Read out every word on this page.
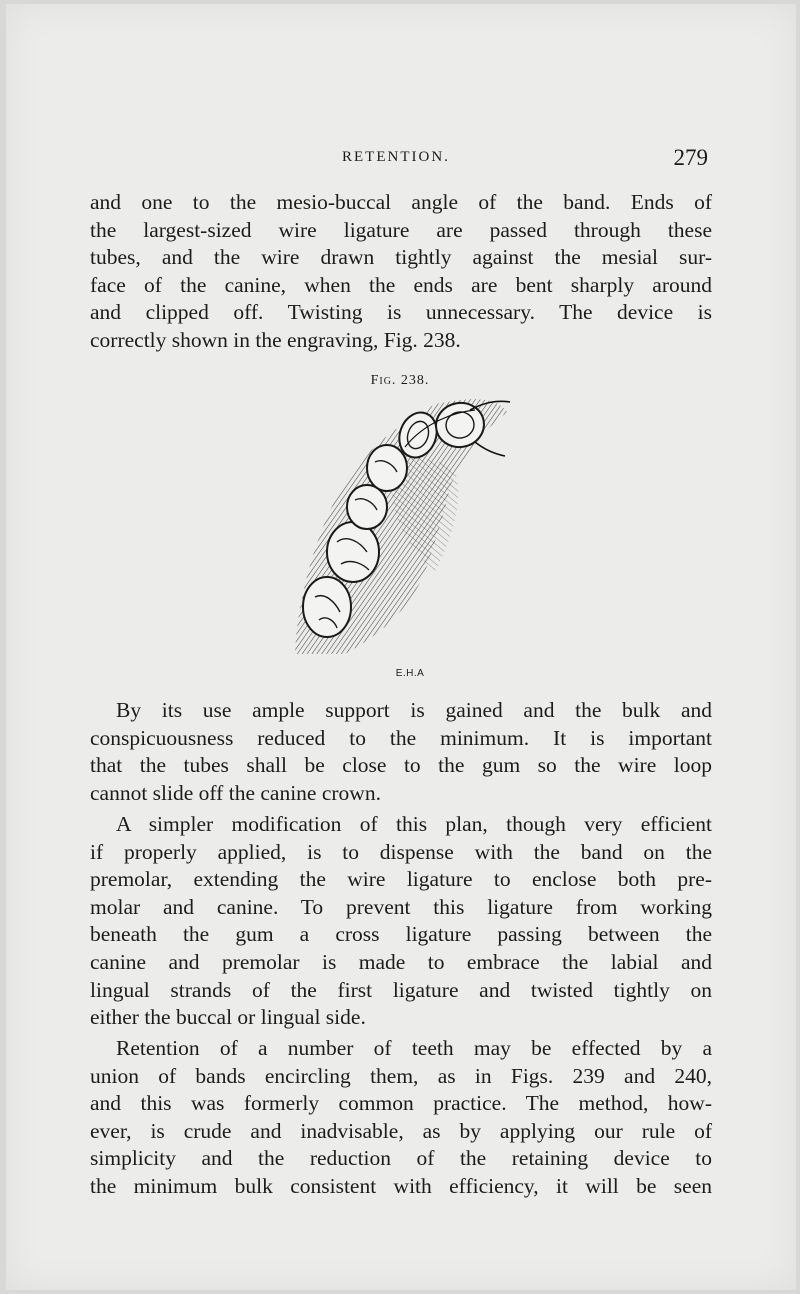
RETENTION.	279

and one to the mesio-buccal angle of the band. Ends of
the largest-sized wire ligature are passed through these
tubes, and the wire drawn tightly against the mesial sur-
face of the canine, when the ends are bent sharply around
and clipped off. Twisting is unnecessary. The device is
correctly shown in the engraving, Fig. 238.

Fig. 238.
E.H.A

By its use ample support is gained and the bulk and
conspicuousness reduced to the minimum. It is important
that the tubes shall be close to the gum so the wire loop
cannot slide off the canine crown.

A simpler modification of this plan, though very efficient
if properly applied, is to dispense with the band on the
premolar, extending the wire ligature to enclose both pre-
molar and canine. To prevent this ligature from working
beneath the gum a cross ligature passing between the
canine and premolar is made to embrace the labial and
lingual strands of the first ligature and twisted tightly on
either the buccal or lingual side.

Retention of a number of teeth may be effected by a
union of bands encircling them, as in Figs. 239 and 240,
and this was formerly common practice. The method, how-
ever, is crude and inadvisable, as by applying our rule of
simplicity and the reduction of the retaining device to
the minimum bulk consistent with efficiency, it will be seen
